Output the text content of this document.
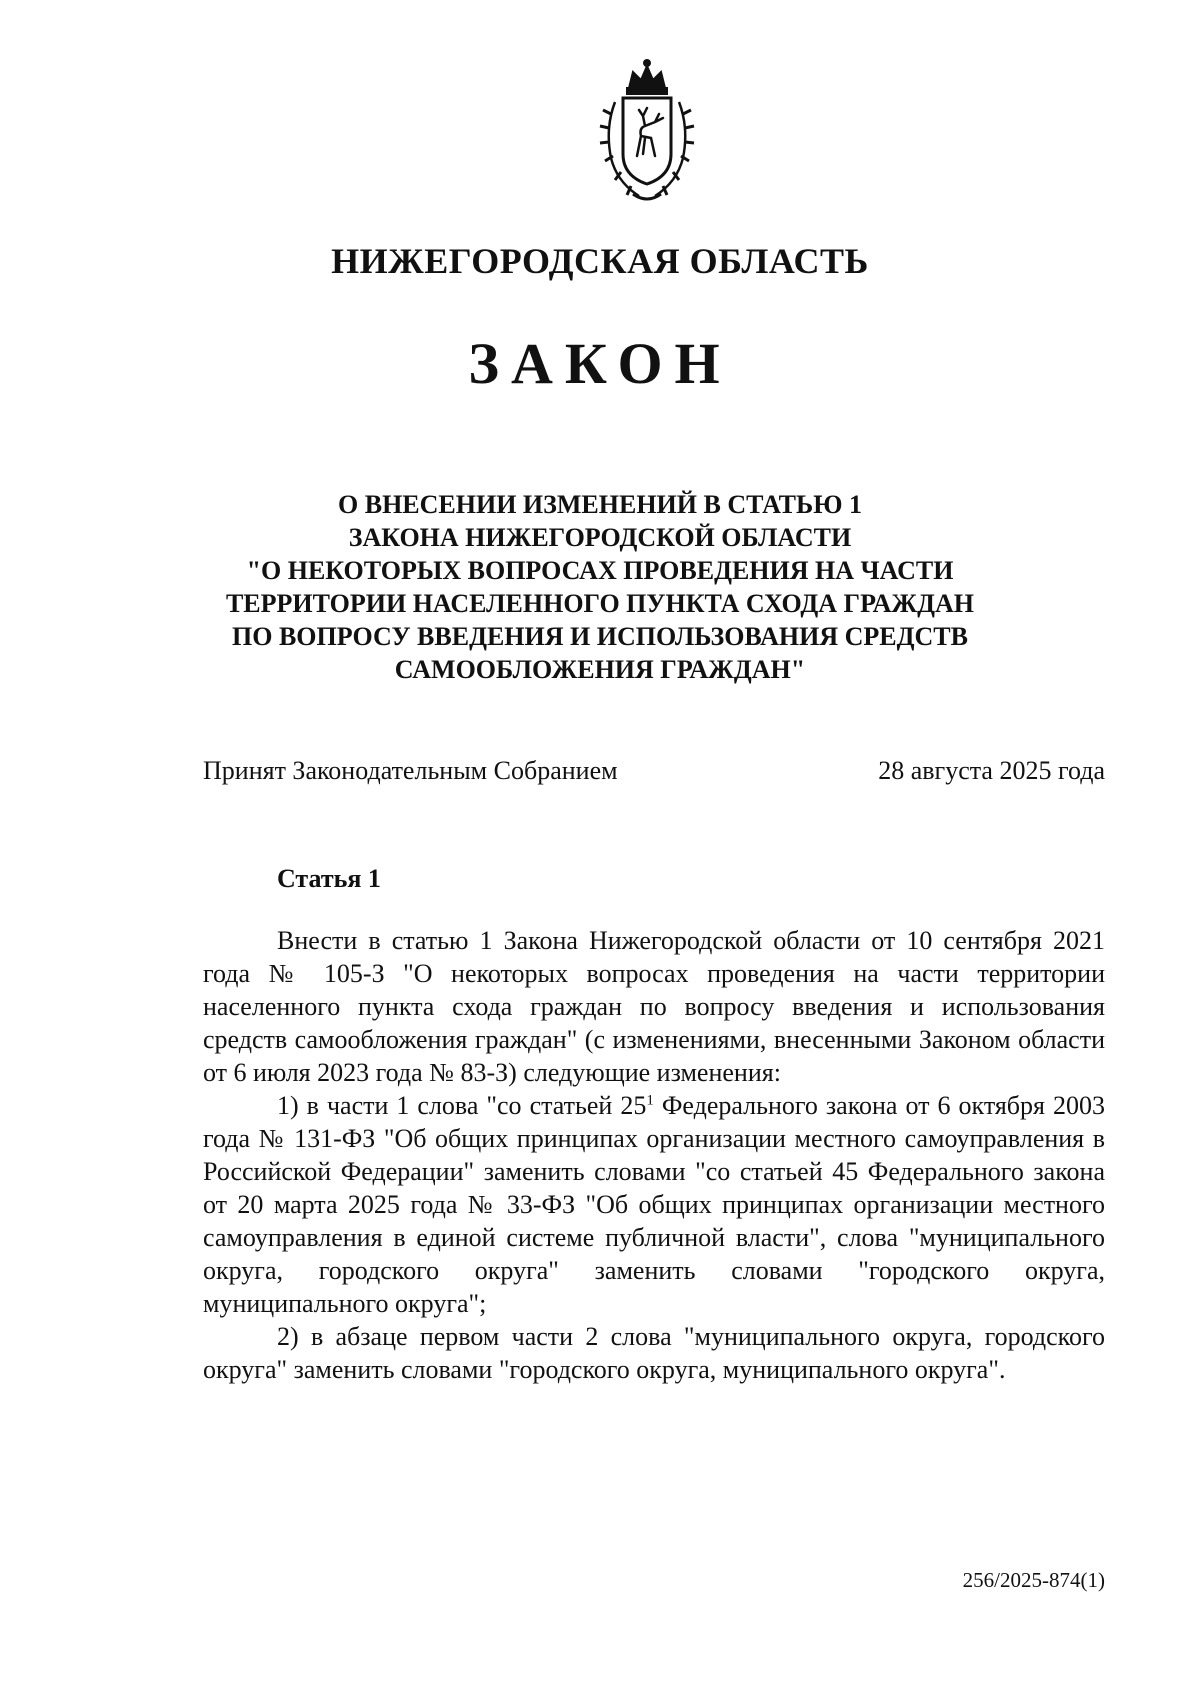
НИЖЕГОРОДСКАЯ ОБЛАСТЬ
ЗАКОН
О ВНЕСЕНИИ ИЗМЕНЕНИЙ В СТАТЬЮ 1
ЗАКОНА НИЖЕГОРОДСКОЙ ОБЛАСТИ
"О НЕКОТОРЫХ ВОПРОСАХ ПРОВЕДЕНИЯ НА ЧАСТИ
ТЕРРИТОРИИ НАСЕЛЕННОГО ПУНКТА СХОДА ГРАЖДАН
ПО ВОПРОСУ ВВЕДЕНИЯ И ИСПОЛЬЗОВАНИЯ СРЕДСТВ
САМООБЛОЖЕНИЯ ГРАЖДАН"
Принят Законодательным Собранием	28 августа 2025 года
Статья 1

Внести в статью 1 Закона Нижегородской области от 10 сентября 2021 года № 105-З "О некоторых вопросах проведения на части территории населенного пункта схода граждан по вопросу введения и использования средств самообложения граждан" (с изменениями, внесенными Законом области от 6 июля 2023 года № 83-З) следующие изменения:

1) в части 1 слова "со статьей $25^1$ Федерального закона от 6 октября 2003 года № 131-ФЗ "Об общих принципах организации местного самоуправления в Российской Федерации" заменить словами "со статьей 45 Федерального закона от 20 марта 2025 года № 33-ФЗ "Об общих принципах организации местного самоуправления в единой системе публичной власти", слова "муниципального округа, городского округа" заменить словами "городского округа, муниципального округа";

2) в абзаце первом части 2 слова "муниципального округа, городского округа" заменить словами "городского округа, муниципального округа".

256/2025-874(1)
